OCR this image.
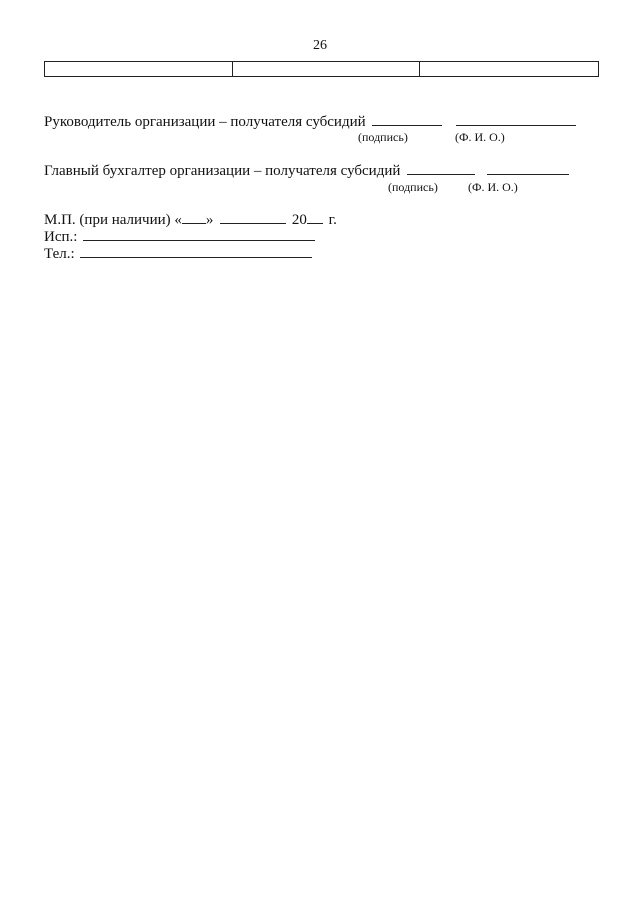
26

Руководитель организации – получателя субсидий
(подпись)	(Ф. И. О.)
Главный бухгалтер организации – получателя субсидий
(подпись)	(Ф. И. О.)
М.П. (при наличии) « »	20 г.
Исп.:
Тел.:
